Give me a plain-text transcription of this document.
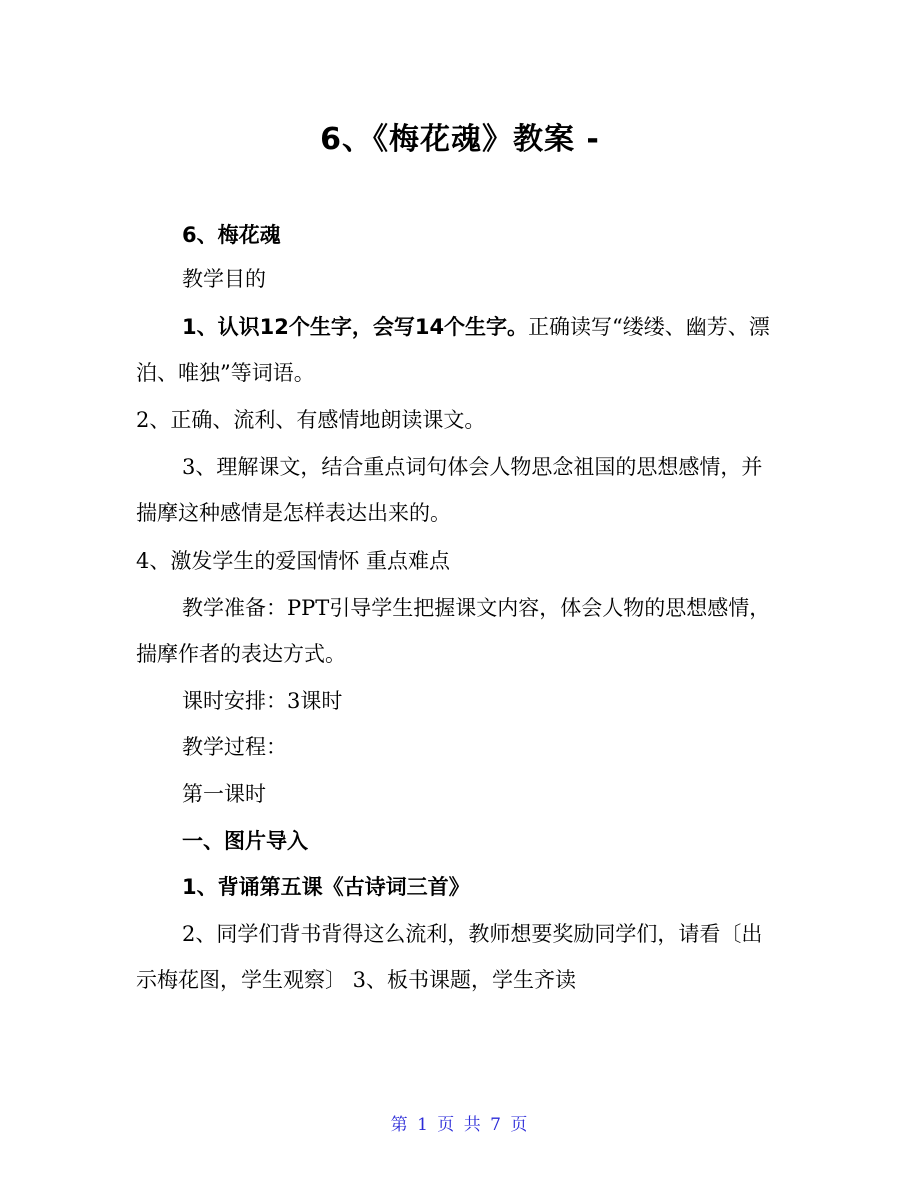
6、《梅花魂》教案 -
6、梅花魂
教学目的
1、认识12个生字，会写14个生字。正确读写“缕缕、幽芳、漂泊、唯独”等词语。
2、正确、流利、有感情地朗读课文。
3、理解课文，结合重点词句体会人物思念祖国的思想感情，并揣摩这种感情是怎样表达出来的。
4、激发学生的爱国情怀 重点难点
教学准备：PPT引导学生把握课文内容，体会人物的思想感情，揣摩作者的表达方式。
课时安排：3课时
教学过程：
第一课时
一、图片导入
1、背诵第五课《古诗词三首》
2、同学们背书背得这么流利，教师想要奖励同学们，请看〔出示梅花图，学生观察〕 3、板书课题，学生齐读
第 1 页 共 7 页
